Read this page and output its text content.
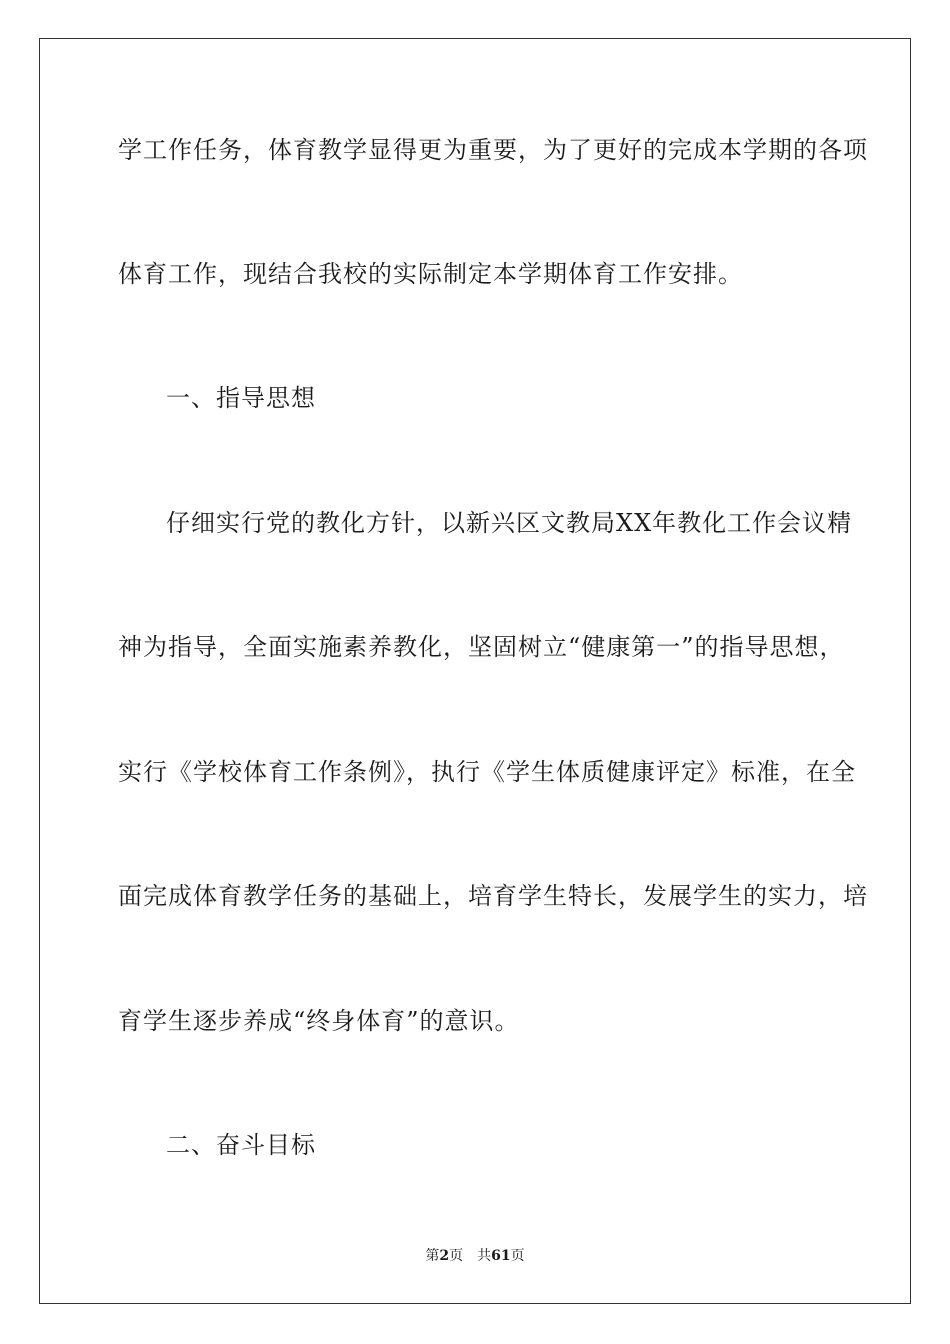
学工作任务，体育教学显得更为重要，为了更好的完成本学期的各项
体育工作，现结合我校的实际制定本学期体育工作安排。
一、指导思想
仔细实行党的教化方针，以新兴区文教局XX年教化工作会议精
神为指导，全面实施素养教化，坚固树立“健康第一”的指导思想，
实行《学校体育工作条例》，执行《学生体质健康评定》标准，在全
面完成体育教学任务的基础上，培育学生特长，发展学生的实力，培
育学生逐步养成“终身体育”的意识。
二、奋斗目标
第2页 共61页
